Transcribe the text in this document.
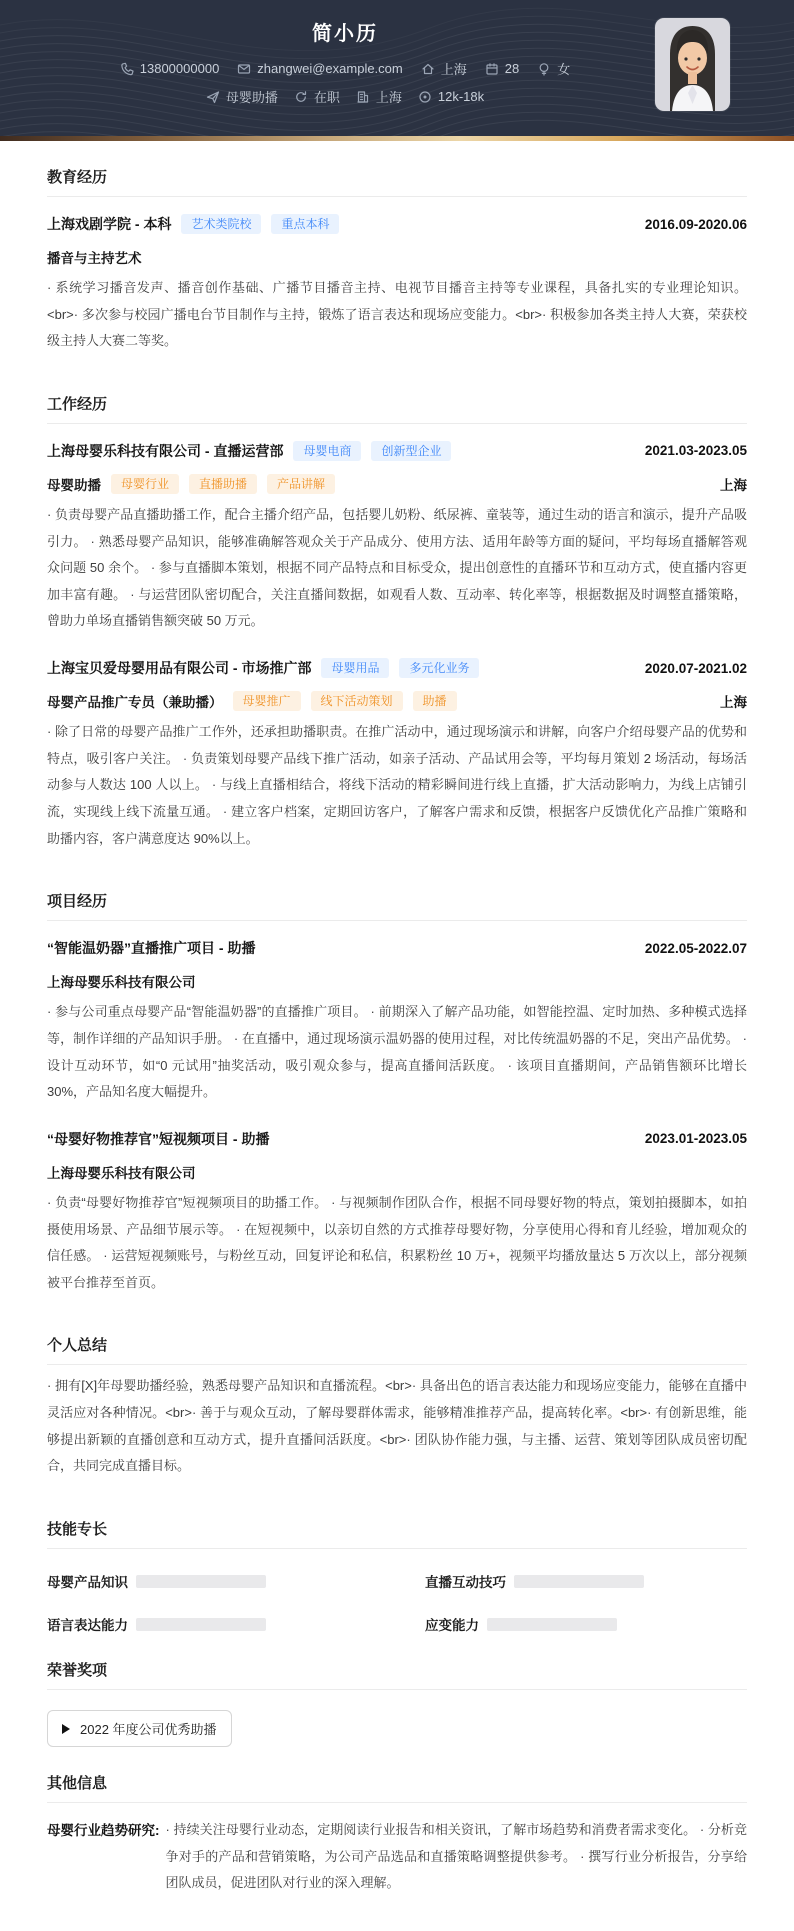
简小历
13800000000	zhangwei@example.com	上海	28	女
母婴助播	在职	上海	12k-18k
教育经历
上海戏剧学院 - 本科	艺术类院校	重点本科	2016.09-2020.06
播音与主持艺术

· 系统学习播音发声、播音创作基础、广播节目播音主持、电视节目播音主持等专业课程，具备扎实的专业理论知识。<br>· 多次参与校园广播电台节目制作与主持，锻炼了语言表达和现场应变能力。<br>· 积极参加各类主持人大赛，荣获校级主持人大赛二等奖。

工作经历
上海母婴乐科技有限公司 - 直播运营部	母婴电商	创新型企业	2021.03-2023.05
母婴助播	母婴行业	直播助播	产品讲解	上海

· 负责母婴产品直播助播工作，配合主播介绍产品，包括婴儿奶粉、纸尿裤、童装等，通过生动的语言和演示，提升产品吸引力。 · 熟悉母婴产品知识，能够准确解答观众关于产品成分、使用方法、适用年龄等方面的疑问，平均每场直播解答观众问题 50 余个。 · 参与直播脚本策划，根据不同产品特点和目标受众，提出创意性的直播环节和互动方式，使直播内容更加丰富有趣。 · 与运营团队密切配合，关注直播间数据，如观看人数、互动率、转化率等，根据数据及时调整直播策略，曾助力单场直播销售额突破 50 万元。

上海宝贝爱母婴用品有限公司 - 市场推广部	母婴用品	多元化业务	2020.07-2021.02
母婴产品推广专员（兼助播）	母婴推广	线下活动策划	助播	上海

· 除了日常的母婴产品推广工作外，还承担助播职责。在推广活动中，通过现场演示和讲解，向客户介绍母婴产品的优势和特点，吸引客户关注。 · 负责策划母婴产品线下推广活动，如亲子活动、产品试用会等，平均每月策划 2 场活动，每场活动参与人数达 100 人以上。 · 与线上直播相结合，将线下活动的精彩瞬间进行线上直播，扩大活动影响力，为线上店铺引流，实现线上线下流量互通。 · 建立客户档案，定期回访客户，了解客户需求和反馈，根据客户反馈优化产品推广策略和助播内容，客户满意度达 90%以上。

项目经历
“智能温奶器”直播推广项目 - 助播	2022.05-2022.07
上海母婴乐科技有限公司

· 参与公司重点母婴产品“智能温奶器”的直播推广项目。 · 前期深入了解产品功能，如智能控温、定时加热、多种模式选择等，制作详细的产品知识手册。 · 在直播中，通过现场演示温奶器的使用过程，对比传统温奶器的不足，突出产品优势。 · 设计互动环节，如“0 元试用”抽奖活动，吸引观众参与，提高直播间活跃度。 · 该项目直播期间，产品销售额环比增长 30%，产品知名度大幅提升。

“母婴好物推荐官”短视频项目 - 助播	2023.01-2023.05
上海母婴乐科技有限公司

· 负责“母婴好物推荐官”短视频项目的助播工作。 · 与视频制作团队合作，根据不同母婴好物的特点，策划拍摄脚本，如拍摄使用场景、产品细节展示等。 · 在短视频中，以亲切自然的方式推荐母婴好物，分享使用心得和育儿经验，增加观众的信任感。 · 运营短视频账号，与粉丝互动，回复评论和私信，积累粉丝 10 万+，视频平均播放量达 5 万次以上，部分视频被平台推荐至首页。

个人总结

· 拥有[X]年母婴助播经验，熟悉母婴产品知识和直播流程。<br>· 具备出色的语言表达能力和现场应变能力，能够在直播中灵活应对各种情况。<br>· 善于与观众互动，了解母婴群体需求，能够精准推荐产品，提高转化率。<br>· 有创新思维，能够提出新颖的直播创意和互动方式，提升直播间活跃度。<br>· 团队协作能力强，与主播、运营、策划等团队成员密切配合，共同完成直播目标。

技能专长
母婴产品知识	直播互动技巧
语言表达能力	应变能力
荣誉奖项
2022 年度公司优秀助播
其他信息
母婴行业趋势研究: · 持续关注母婴行业动态，定期阅读行业报告和相关资讯，了解市场趋势和消费者需求变化。 · 分析竞争对手的产品和营销策略，为公司产品选品和直播策略调整提供参考。 · 撰写行业分析报告，分享给团队成员，促进团队对行业的深入理解。
